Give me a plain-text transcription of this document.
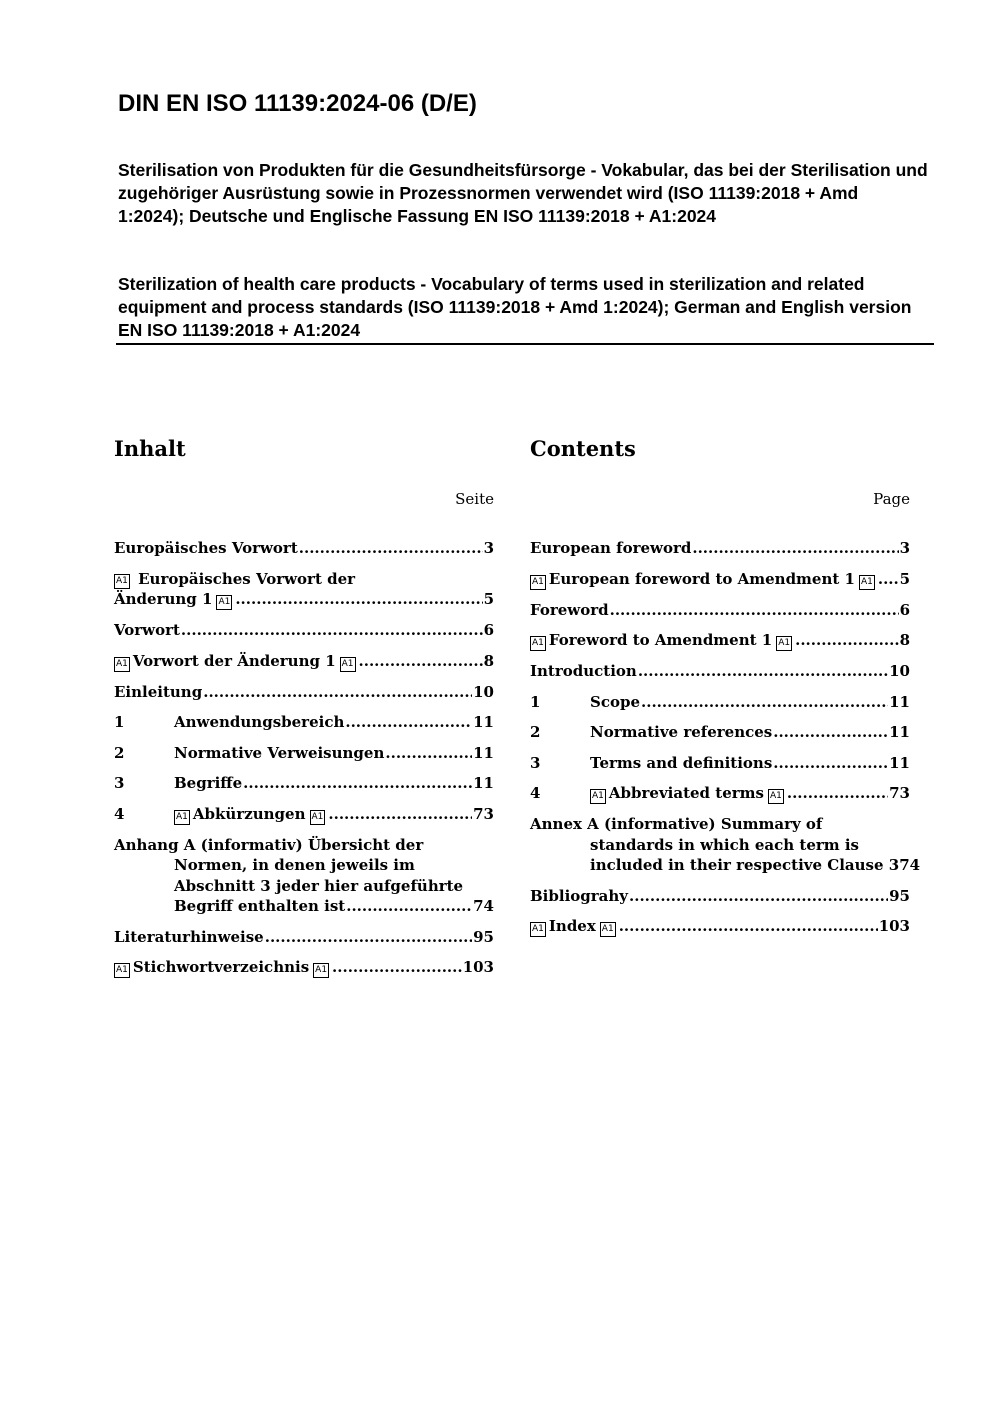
DIN EN ISO 11139:2024-06 (D/E)
Sterilisation von Produkten für die Gesundheitsfürsorge - Vokabular, das bei der Sterilisation und zugehöriger Ausrüstung sowie in Prozessnormen verwendet wird (ISO 11139:2018 + Amd 1:2024); Deutsche und Englische Fassung EN ISO 11139:2018 + A1:2024
Sterilization of health care products - Vocabulary of terms used in sterilization and related equipment and process standards (ISO 11139:2018 + Amd 1:2024); German and English version EN ISO 11139:2018 + A1:2024
Inhalt
Seite
Europäisches Vorwort .....	3
A1 Europäisches Vorwort der
Änderung 1 A1 .....	5
Vorwort .....	6
A1 Vorwort der Änderung 1 A1 .....	8
Einleitung .....	10
1	Anwendungsbereich .....	11
2	Normative Verweisungen .....	11
3	Begriffe .....	11
4	A1 Abkürzungen A1 .....	73
Anhang A (informativ) Übersicht der
Normen, in denen jeweils im
Abschnitt 3 jeder hier aufgeführte
Begriff enthalten ist .....	74
Literaturhinweise .....	95
A1 Stichwortverzeichnis A1 .....	103
Contents
Page
European foreword .....	3
A1 European foreword to Amendment 1 A1 ..... 5
Foreword .....	6
A1 Foreword to Amendment 1 A1 .....	8
Introduction .....	10
1	Scope .....	11
2	Normative references .....	11
3	Terms and definitions .....	11
4	A1 Abbreviated terms A1 .....	73
Annex A (informative) Summary of
standards in which each term is
included in their respective Clause 3 74
Bibliograhy .....	95
A1 Index A1 .....	103
